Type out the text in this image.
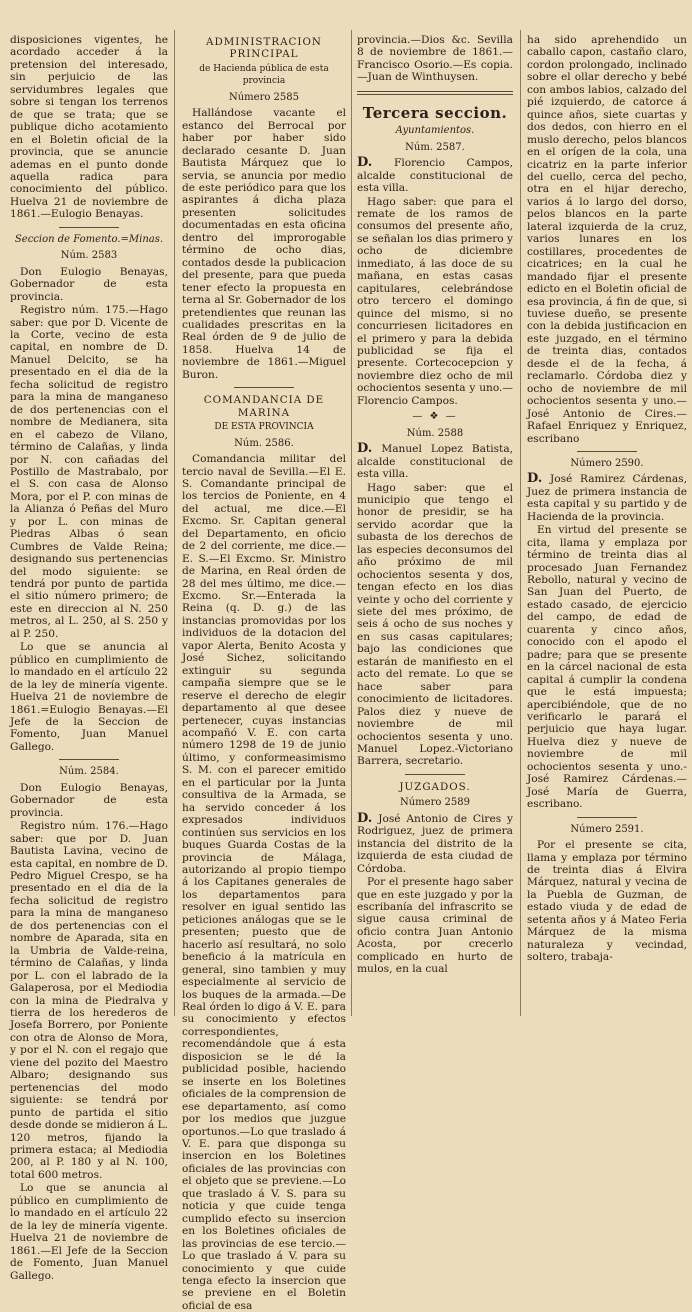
disposiciones vigentes, he acordado acceder á la pretension del interesado, sin perjuicio de las servidumbres legales que sobre si tengan los terrenos de que se trata; que se publique dicho acotamiento en el Boletin oficial de la provincia, que se anuncie ademas en el punto donde aquella radica para conocimiento del público. Huelva 21 de noviembre de 1861.—Eulogio Benayas.

Seccion de Fomento.=Minas.
Núm. 2583

Don Eulogio Benayas, Gobernador de esta provincia.

Registro núm. 175.—Hago saber: que por D. Vicente de la Corte, vecino de esta capital, en nombre de D. Manuel Delcito, se ha presentado en el dia de la fecha solicitud de registro para la mina de manganeso de dos pertenencias con el nombre de Medianera, sita en el cabezo de Vilano, término de Calañas, y linda por N. con cañadas del Postillo de Mastrabalo, por el S. con casa de Alonso Mora, por el P. con minas de la Alianza ó Peñas del Muro y por L. con minas de Piedras Albas ó sean Cumbres de Valde Reina; designando sus pertenencias del modo siguiente: se tendrá por punto de partida el sitio número primero; de este en direccion al N. 250 metros, al L. 250, al S. 250 y al P. 250.

Lo que se anuncia al público en cumplimiento de lo mandado en el artículo 22 de la ley de minería vigente. Huelva 21 de noviembre de 1861.=Eulogio Benayas.—El Jefe de la Seccion de Fomento, Juan Manuel Gallego.

Núm. 2584.

Don Eulogio Benayas, Gobernador de esta provincia.

Registro núm. 176.—Hago saber: que por D. Juan Bautista Lavina, vecino de esta capital, en nombre de D. Pedro Miguel Crespo, se ha presentado en el dia de la fecha solicitud de registro para la mina de manganeso de dos pertenencias con el nombre de Aparada, sita en la Umbria de Valde-reina, término de Calañas, y linda por L. con el labrado de la Galaperosa, por el Mediodia con la mina de Piedralva y tierra de los herederos de Josefa Borrero, por Poniente con otra de Alonso de Mora, y por el N. con el regajo que viene del pozito del Maestro Albaro; designando sus pertenencias del modo siguiente: se tendrá por punto de partida el sitio desde donde se midieron á L. 120 metros, fijando la primera estaca; al Mediodia 200, al P. 180 y al N. 100, total 600 metros.

Lo que se anuncia al público en cumplimiento de lo mandado en el artículo 22 de la ley de minería vigente. Huelva 21 de noviembre de 1861.—El Jefe de la Seccion de Fomento, Juan Manuel Gallego.

ADMINISTRACION PRINCIPAL
de Hacienda pública de esta provincia
Número 2585

Hallándose vacante el estanco del Berrocal por haber por haber sido declarado cesante D. Juan Bautista Márquez que lo servia, se anuncia por medio de este periódico para que los aspirantes á dicha plaza presenten solicitudes documentadas en esta oficina dentro del improrogable término de ocho dias, contados desde la publicacion del presente, para que pueda tener efecto la propuesta en terna al Sr. Gobernador de los pretendientes que reunan las cualidades prescritas en la Real órden de 9 de julio de 1858. Huelva 14 de noviembre de 1861.—Miguel Buron.

COMANDANCIA DE MARINA
DE ESTA PROVINCIA
Núm. 2586.

Comandancia militar del tercio naval de Sevilla.—El E. S. Comandante principal de los tercios de Poniente, en 4 del actual, me dice.—El Excmo. Sr. Capitan general del Departamento, en oficio de 2 del corriente, me dice.—E. S.—El Excmo. Sr. Ministro de Marina, en Real órden de 28 del mes último, me dice.—Excmo. Sr.—Enterada la Reina (q. D. g.) de las instancias promovidas por los individuos de la dotacion del vapor Alerta, Benito Acosta y José Sichez, solicitando extinguir su segunda campaña siempre que se le reserve el derecho de elegir departamento al que desee pertenecer, cuyas instancias acompañó V. E. con carta número 1298 de 19 de junio último, y conformeasimismo S. M. con el parecer emitido en el particular por la Junta consultiva de la Armada, se ha servido conceder á los expresados individuos continúen sus servicios en los buques Guarda Costas de la provincia de Málaga, autorizando al propio tiempo á los Capitanes generales de los departamentos para resolver en igual sentido las peticiones análogas que se le presenten; puesto que de hacerlo así resultará, no solo beneficio á la matrícula en general, sino tambien y muy especialmente al servicio de los buques de la armada.—De Real órden lo digo á V. E. para su conocimiento y efectos correspondientes, recomendándole que á esta disposicion se le dé la publicidad posible, haciendo se inserte en los Boletines oficiales de la comprension de ese departamento, así como por los medios que juzgue oportunos.—Lo que traslado á V. E. para que disponga su insercion en los Boletines oficiales de las provincias con el objeto que se previene.—Lo que traslado á V. S. para su noticia y que cuide tenga cumplido efecto su insercion en los Boletines oficiales de las provincias de ese tercio.—Lo que traslado á V. para su conocimiento y que cuide tenga efecto la insercion que se previene en el Boletin oficial de esa

provincia.—Dios &c. Sevilla 8 de noviembre de 1861.—Francisco Osorio.—Es copia.—Juan de Winthuysen.

Tercera seccion.
Ayuntamientos.
Núm. 2587.

D. Florencio Campos, alcalde constitucional de esta villa.

Hago saber: que para el remate de los ramos de consumos del presente año, se señalan los dias primero y ocho de diciembre inmediato, á las doce de su mañana, en estas casas capitulares, celebrándose otro tercero el domingo quince del mismo, si no concurriesen licitadores en el primero y para la debida publicidad se fija el presente. Cortecocepcion y noviembre diez ocho de mil ochocientos sesenta y uno.—Florencio Campos.

— ❖ —
Núm. 2588

D. Manuel Lopez Batista, alcalde constitucional de esta villa.

Hago saber: que el municipio que tengo el honor de presidir, se ha servido acordar que la subasta de los derechos de las especies deconsumos del año próximo de mil ochocientos sesenta y dos, tengan efecto en los dias veinte y ocho del corriente y siete del mes próximo, de seis á ocho de sus noches y en sus casas capitulares; bajo las condiciones que estarán de manifiesto en el acto del remate. Lo que se hace saber para conocimiento de licitadores. Palos diez y nueve de noviembre de mil ochocientos sesenta y uno. Manuel Lopez.-Victoriano Barrera, secretario.

JUZGADOS.
Número 2589

D. José Antonio de Cires y Rodriguez, juez de primera instancia del distrito de la izquierda de esta ciudad de Córdoba.

Por el presente hago saber que en este juzgado y por la escribanía del infrascrito se sigue causa criminal de oficio contra Juan Antonio Acosta, por crecerlo complicado en hurto de mulos, en la cual

ha sido aprehendido un caballo capon, castaño claro, cordon prolongado, inclinado sobre el ollar derecho y bebé con ambos labios, calzado del pié izquierdo, de catorce á quince años, siete cuartas y dos dedos, con hierro en el muslo derecho, pelos blancos en el orígen de la cola, una cicatriz en la parte inferior del cuello, cerca del pecho, otra en el hijar derecho, varios á lo largo del dorso, pelos blancos en la parte lateral izquierda de la cruz, varios lunares en los costillares, procedentes de cicatrices; en la cual he mandado fijar el presente edicto en el Boletin oficial de esa provincia, á fin de que, si tuviese dueño, se presente con la debida justificacion en este juzgado, en el término de treinta dias, contados desde el de la fecha, á reclamarlo. Córdoba diez y ocho de noviembre de mil ochocientos sesenta y uno.—José Antonio de Cires.—Rafael Enriquez y Enriquez, escribano

Número 2590.

D. José Ramirez Cárdenas, Juez de primera instancia de esta capital y su partido y de Hacienda de la provincia.

En virtud del presente se cita, llama y emplaza por término de treinta dias al procesado Juan Fernandez Rebollo, natural y vecino de San Juan del Puerto, de estado casado, de ejercicio del campo, de edad de cuarenta y cinco años, conocido con el apodo el padre; para que se presente en la cárcel nacional de esta capital á cumplir la condena que le está impuesta; apercibiéndole, que de no verificarlo le parará el perjuicio que haya lugar. Huelva diez y nueve de noviembre de mil ochocientos sesenta y uno.-José Ramirez Cárdenas.—José María de Guerra, escribano.

Número 2591.

Por el presente se cita, llama y emplaza por término de treinta dias á Elvira Márquez, natural y vecina de la Puebla de Guzman, de estado viuda y de edad de setenta años y á Mateo Feria Márquez de la misma naturaleza y vecindad, soltero, trabaja-
